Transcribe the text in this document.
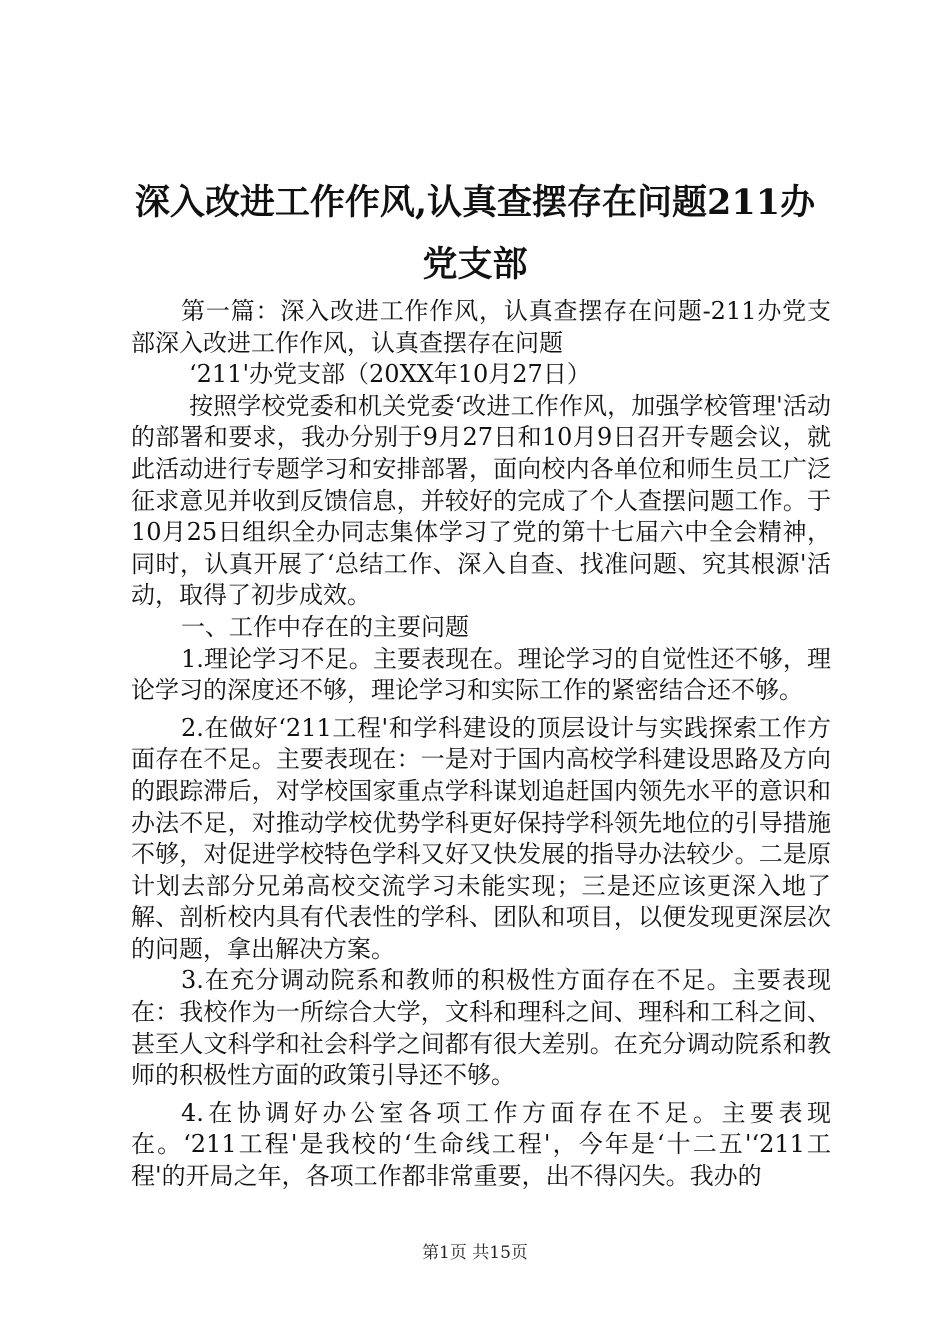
深入改进工作作风,认真查摆存在问题211办
党支部

第一篇：深入改进工作作风，认真查摆存在问题-211办党支部深入改进工作作风，认真查摆存在问题

‘211'办党支部（20XX年10月27日）

按照学校党委和机关党委‘改进工作作风，加强学校管理'活动的部署和要求，我办分别于9月27日和10月9日召开专题会议，就此活动进行专题学习和安排部署，面向校内各单位和师生员工广泛征求意见并收到反馈信息，并较好的完成了个人查摆问题工作。于10月25日组织全办同志集体学习了党的第十七届六中全会精神，同时，认真开展了‘总结工作、深入自查、找准问题、究其根源'活动，取得了初步成效。

一、工作中存在的主要问题

1.理论学习不足。主要表现在。理论学习的自觉性还不够，理论学习的深度还不够，理论学习和实际工作的紧密结合还不够。

2.在做好‘211工程'和学科建设的顶层设计与实践探索工作方面存在不足。主要表现在：一是对于国内高校学科建设思路及方向的跟踪滞后，对学校国家重点学科谋划追赶国内领先水平的意识和办法不足，对推动学校优势学科更好保持学科领先地位的引导措施不够，对促进学校特色学科又好又快发展的指导办法较少。二是原计划去部分兄弟高校交流学习未能实现；三是还应该更深入地了解、剖析校内具有代表性的学科、团队和项目，以便发现更深层次的问题，拿出解决方案。

3.在充分调动院系和教师的积极性方面存在不足。主要表现在：我校作为一所综合大学，文科和理科之间、理科和工科之间、甚至人文科学和社会科学之间都有很大差别。在充分调动院系和教师的积极性方面的政策引导还不够。

4.在协调好办公室各项工作方面存在不足。主要表现在。‘211工程'是我校的‘生命线工程'，今年是‘十二五'‘211工程'的开局之年，各项工作都非常重要，出不得闪失。我办的

第1页 共15页
